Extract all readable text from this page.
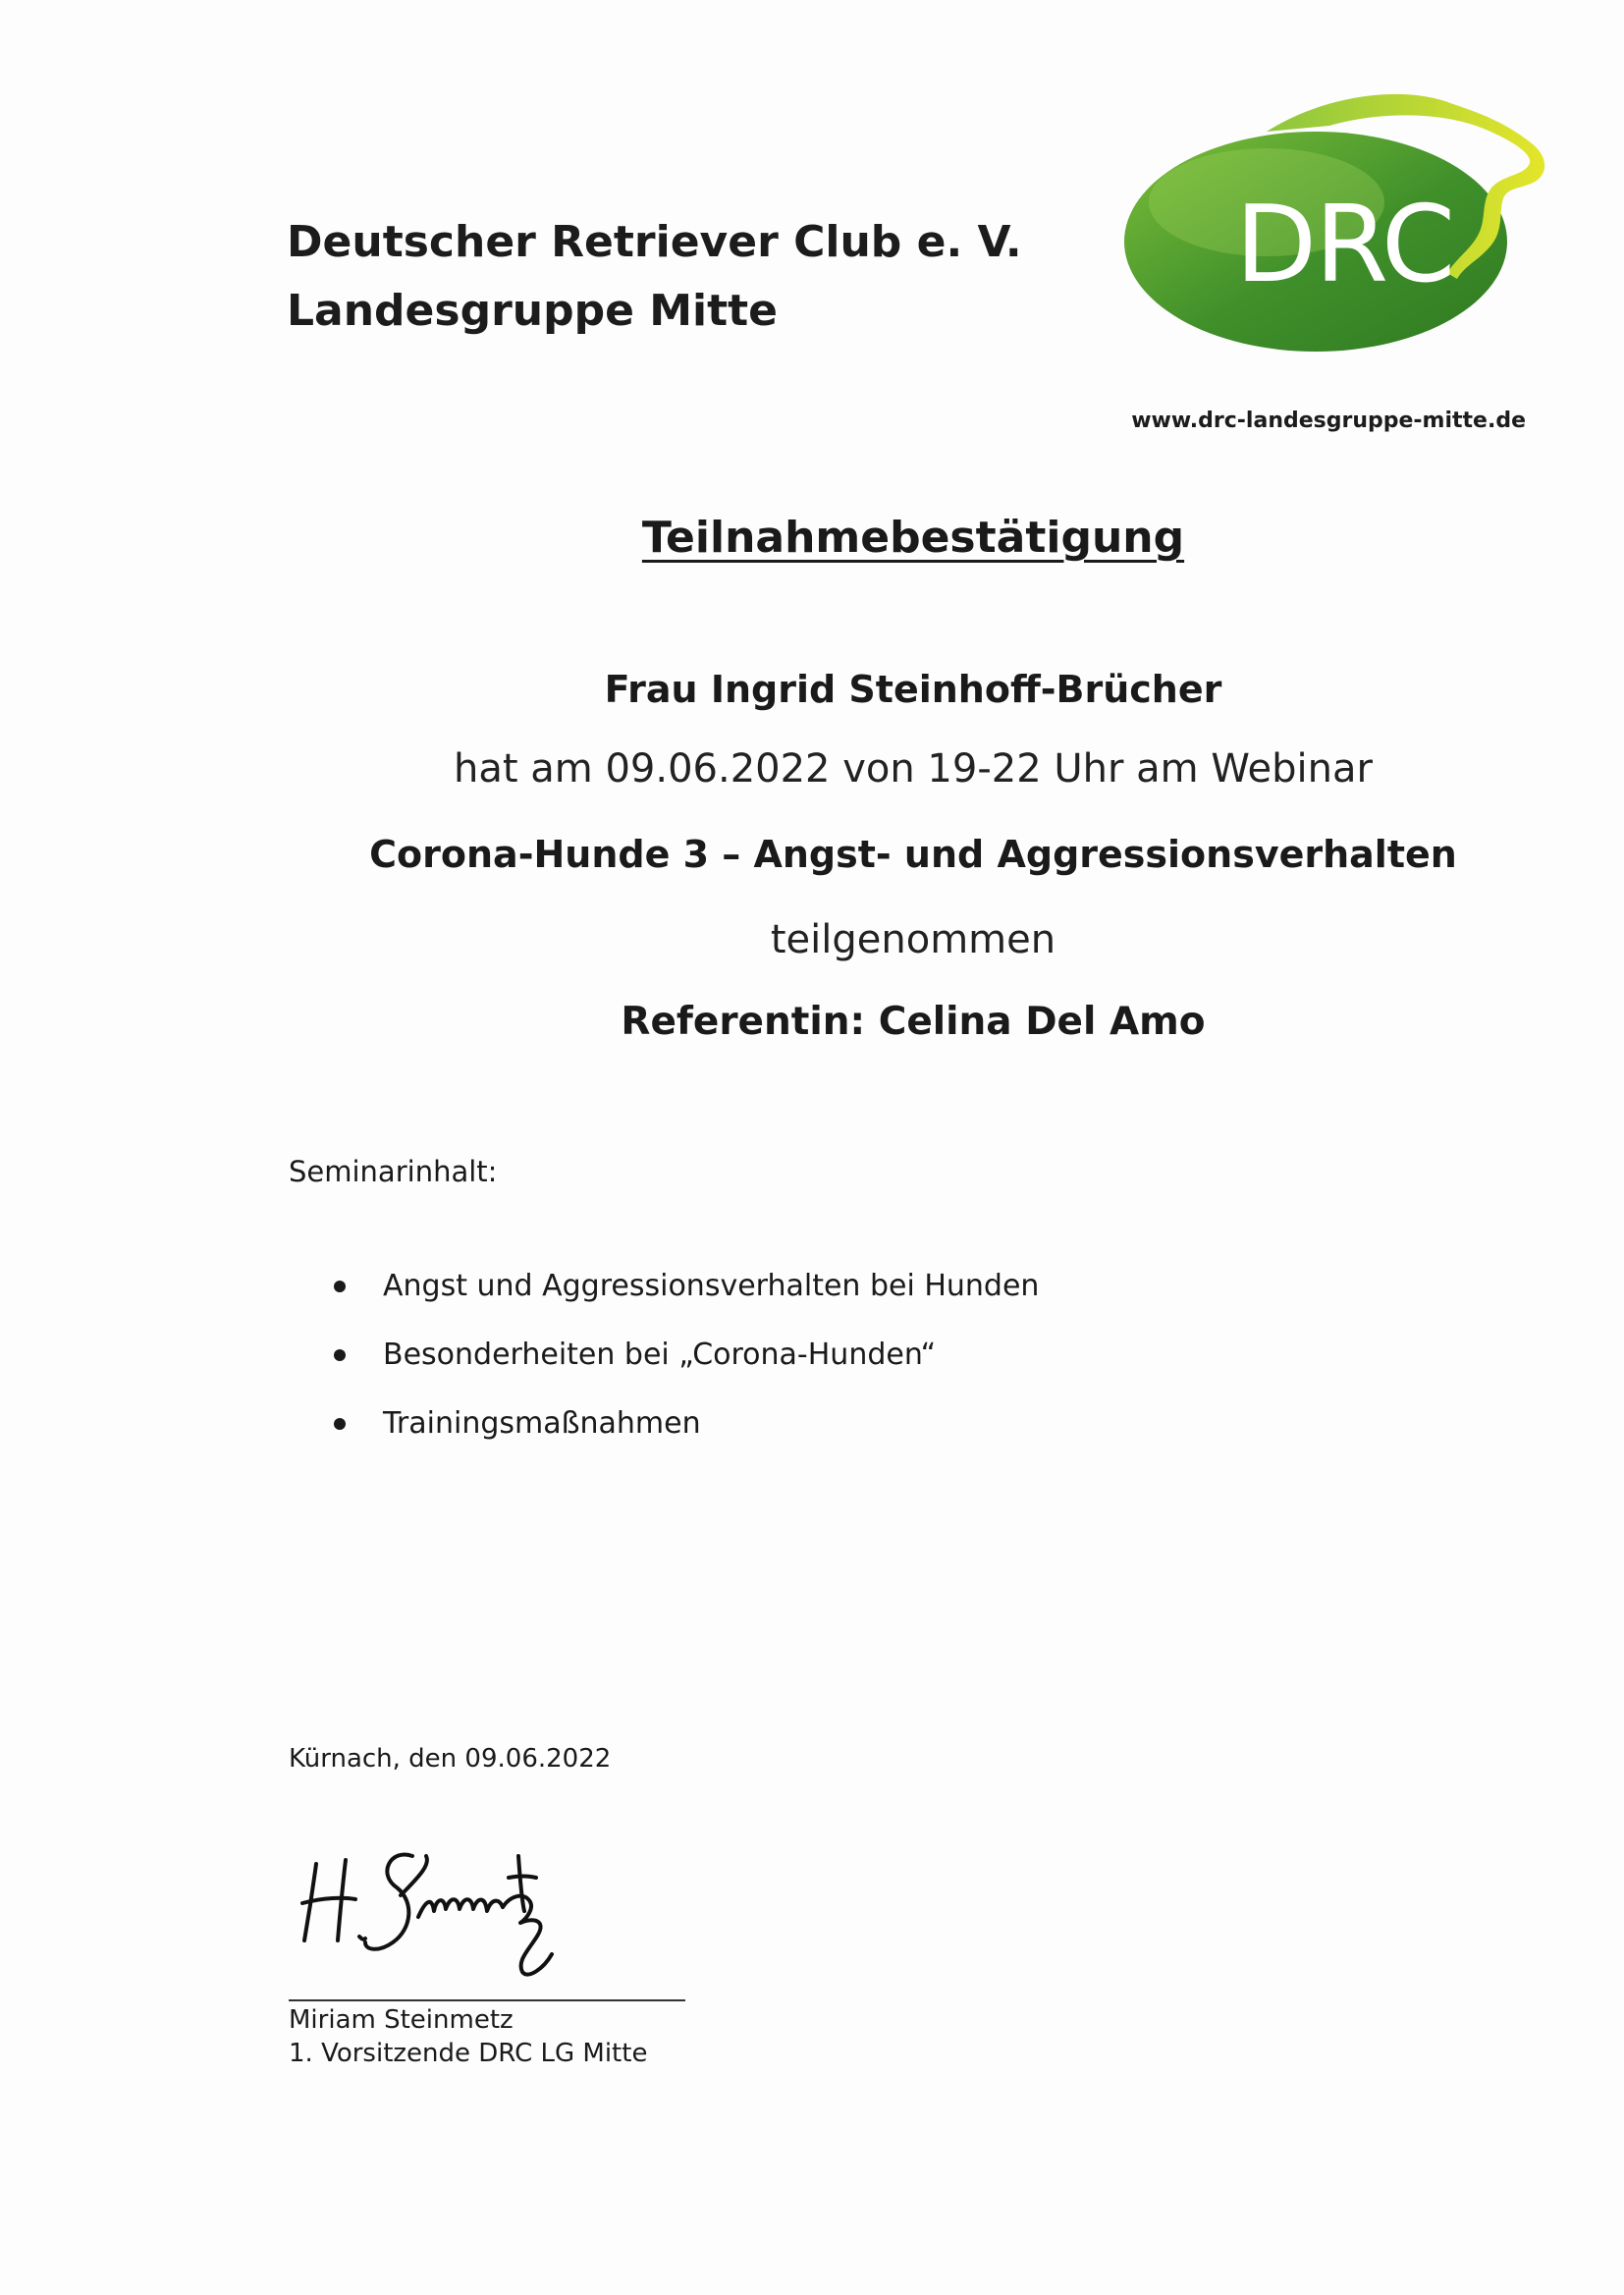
Deutscher Retriever Club e. V.
Landesgruppe Mitte
DRC
www.drc-landesgruppe-mitte.de
Teilnahmebestätigung
Frau Ingrid Steinhoff-Brücher
hat am 09.06.2022 von 19-22 Uhr am Webinar
Corona-Hunde 3 – Angst- und Aggressionsverhalten
teilgenommen
Referentin: Celina Del Amo
Seminarinhalt:
Angst und Aggressionsverhalten bei Hunden
Besonderheiten bei „Corona-Hunden“
Trainingsmaßnahmen
Kürnach, den 09.06.2022
Miriam Steinmetz
1. Vorsitzende DRC LG Mitte
